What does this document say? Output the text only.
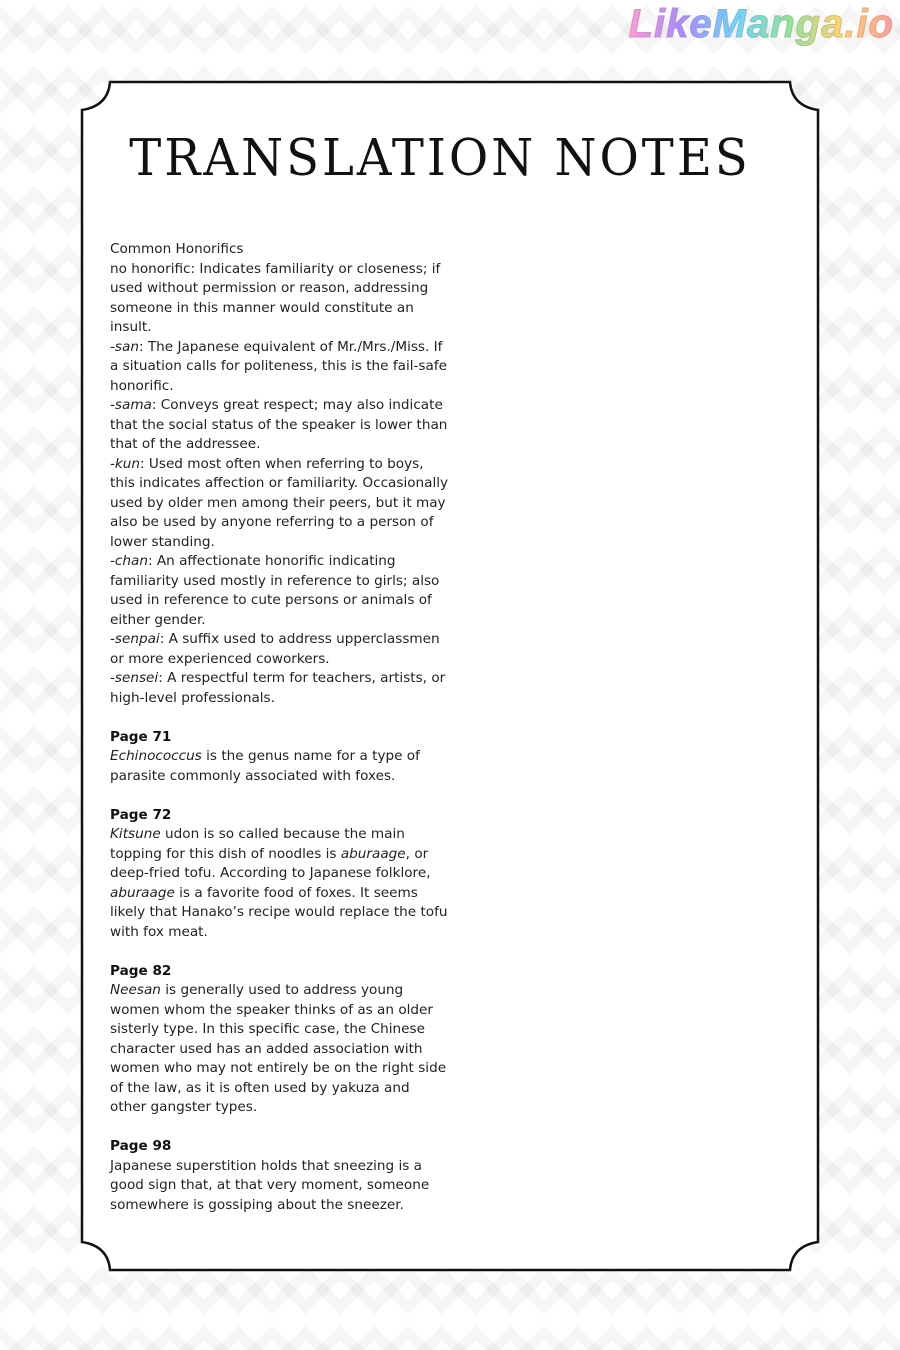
LikeManga.io
TRANSLATION NOTES

Common Honorifics

no honorific: Indicates familiarity or closeness; if used without permission or reason, addressing someone in this manner would constitute an insult.

-san: The Japanese equivalent of Mr./Mrs./Miss. If a situation calls for politeness, this is the fail-safe honorific.

-sama: Conveys great respect; may also indicate that the social status of the speaker is lower than that of the addressee.

-kun: Used most often when referring to boys, this indicates affection or familiarity. Occasionally used by older men among their peers, but it may also be used by anyone referring to a person of lower standing.

-chan: An affectionate honorific indicating familiarity used mostly in reference to girls; also used in reference to cute persons or animals of either gender.

-senpai: A suffix used to address upperclassmen or more experienced coworkers.

-sensei: A respectful term for teachers, artists, or high-level professionals.

Page 71

Echinococcus is the genus name for a type of parasite commonly associated with foxes.

Page 72

Kitsune udon is so called because the main topping for this dish of noodles is aburaage, or deep-fried tofu. According to Japanese folklore, aburaage is a favorite food of foxes. It seems likely that Hanako’s recipe would replace the tofu with fox meat.

Page 82

Neesan is generally used to address young women whom the speaker thinks of as an older sisterly type. In this specific case, the Chinese character used has an added association with women who may not entirely be on the right side of the law, as it is often used by yakuza and other gangster types.

Page 98

Japanese superstition holds that sneezing is a good sign that, at that very moment, someone somewhere is gossiping about the sneezer.
